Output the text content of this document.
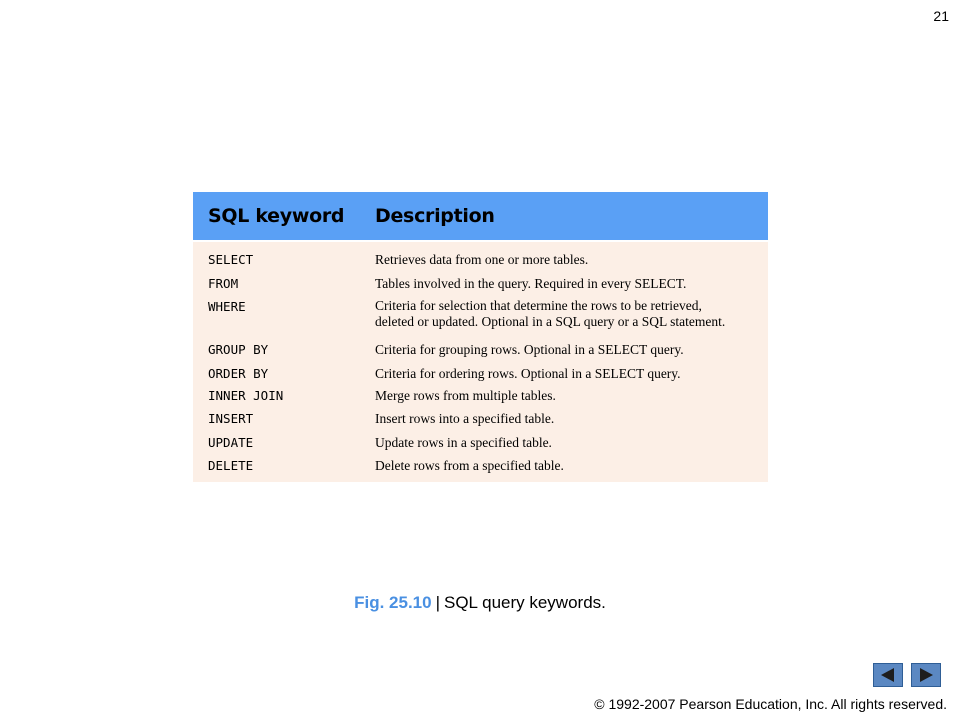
21
SQL keyword Description
SELECT	Retrieves data from one or more tables.
FROM	Tables involved in the query. Required in every SELECT.
WHERE	Criteria for selection that determine the rows to be retrieved,
deleted or updated. Optional in a SQL query or a SQL statement.
GROUP BY	Criteria for grouping rows. Optional in a SELECT query.
ORDER BY	Criteria for ordering rows. Optional in a SELECT query.
INNER JOIN	Merge rows from multiple tables.
INSERT	Insert rows into a specified table.
UPDATE	Update rows in a specified table.
DELETE	Delete rows from a specified table.
Fig. 25.10 | SQL query keywords.
© 1992-2007 Pearson Education, Inc. All rights reserved.
